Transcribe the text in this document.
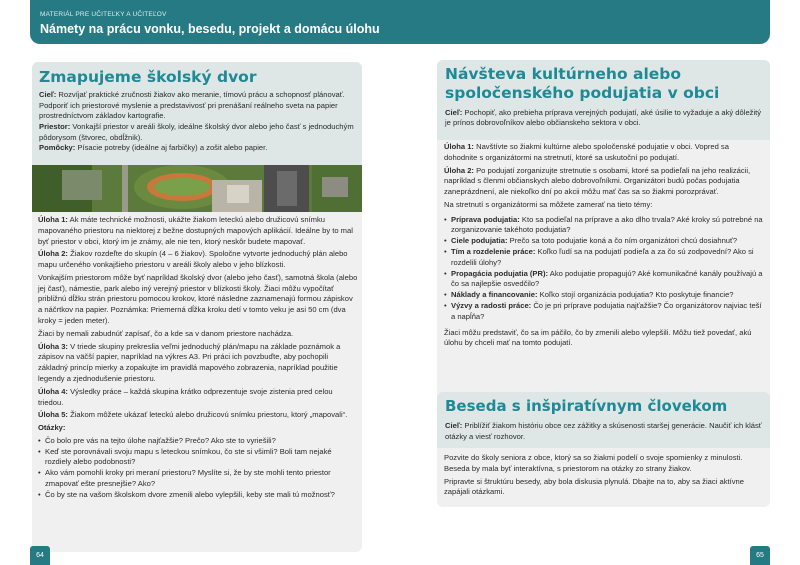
MATERIÁL PRE UČITEĽKY A UČITEĽOV
Námety na prácu vonku, besedu, projekt a domácu úlohu
Zmapujeme školský dvor
Cieľ: Rozvíjať praktické zručnosti žiakov ako meranie, tímovú prácu a schopnosť plánovať. Podporiť ich priestorové myslenie a predstavivosť pri prenášaní reálneho sveta na papier prostredníctvom základov kartografie.
Priestor: Vonkajší priestor v areáli školy, ideálne školský dvor alebo jeho časť s jednoduchým pôdorysom (štvorec, obdĺžnik).
Pomôcky: Písacie potreby (ideálne aj farbičky) a zošit alebo papier.

Úloha 1: Ak máte technické možnosti, ukážte žiakom leteckú alebo družicovú snímku mapovaného priestoru na niektorej z bežne dostupných mapových aplikácií. Ideálne by to mal byť priestor v obci, ktorý im je známy, ale nie ten, ktorý neskôr budete mapovať.

Úloha 2: Žiakov rozdeľte do skupín (4 – 6 žiakov). Spoločne vytvorte jednoduchý plán alebo mapu určeného vonkajšieho priestoru v areáli školy alebo v jeho blízkosti.

Vonkajším priestorom môže byť napríklad školský dvor (alebo jeho časť), samotná škola (alebo jej časť), námestie, park alebo iný verejný priestor v blízkosti školy. Žiaci môžu vypočítať približnú dĺžku strán priestoru pomocou krokov, ktoré následne zaznamenajú formou zápiskov a náčrtkov na papier. Poznámka: Priemerná dĺžka kroku detí v tomto veku je asi 50 cm (dva kroky = jeden meter).

Žiaci by nemali zabudnúť zapísať, čo a kde sa v danom priestore nachádza.

Úloha 3: V triede skupiny prekreslia veľmi jednoduchý plán/mapu na základe poznámok a zápisov na väčší papier, napríklad na výkres A3. Pri práci ich povzbuďte, aby pochopili základný princíp mierky a zopakujte im pravidlá mapového zobrazenia, napríklad použitie legendy a zjednodušenie priestoru.

Úloha 4: Výsledky práce – každá skupina krátko odprezentuje svoje zistenia pred celou triedou.

Úloha 5: Žiakom môžete ukázať leteckú alebo družicovú snímku priestoru, ktorý „mapovali“.

Otázky:

• Čo bolo pre vás na tejto úlohe najťažšie? Prečo? Ako ste to vyriešili?
• Keď ste porovnávali svoju mapu s leteckou snímkou, čo ste si všimli? Boli tam nejaké rozdiely alebo podobnosti?
• Ako vám pomohli kroky pri meraní priestoru? Myslíte si, že by ste mohli tento priestor zmapovať ešte presnejšie? Ako?
• Čo by ste na vašom školskom dvore zmenili alebo vylepšili, keby ste mali tú možnosť?
64
Návšteva kultúrneho alebo
spoločenského podujatia v obci
Cieľ: Pochopiť, ako prebieha príprava verejných podujatí, aké úsilie to vyžaduje a aký dôležitý je prínos dobrovoľníkov alebo občianskeho sektora v obci.

Úloha 1: Navštívte so žiakmi kultúrne alebo spoločenské podujatie v obci. Vopred sa dohodnite s organizátormi na stretnutí, ktoré sa uskutoční po podujatí.

Úloha 2: Po podujatí zorganizujte stretnutie s osobami, ktoré sa podieľali na jeho realizácii, napríklad s členmi občianskych alebo dobrovoľníkmi. Organizátori budú počas podujatia zaneprázdnení, ale niekoľko dní po akcii môžu mať čas sa so žiakmi porozprávať.

Na stretnutí s organizátormi sa môžete zamerať na tieto témy:

• Príprava podujatia: Kto sa podieľal na príprave a ako dlho trvala? Aké kroky sú potrebné na zorganizovanie takéhoto podujatia?
• Ciele podujatia: Prečo sa toto podujatie koná a čo ním organizátori chcú dosiahnuť?
• Tím a rozdelenie práce: Koľko ľudí sa na podujatí podieľa a za čo sú zodpovední? Ako si rozdelili úlohy?
• Propagácia podujatia (PR): Ako podujatie propagujú? Aké komunikačné kanály používajú a čo sa najlepšie osvedčilo?
• Náklady a financovanie: Koľko stojí organizácia podujatia? Kto poskytuje financie?
• Výzvy a radosti práce: Čo je pri príprave podujatia najťažšie? Čo organizátorov najviac teší a napĺňa?

Žiaci môžu predstaviť, čo sa im páčilo, čo by zmenili alebo vylepšili. Môžu tiež povedať, akú úlohu by chceli mať na tomto podujatí.

Beseda s inšpiratívnym človekom
Cieľ: Priblížiť žiakom históriu obce cez zážitky a skúsenosti staršej generácie. Naučiť ich klásť otázky a viesť rozhovor.

Pozvite do školy seniora z obce, ktorý sa so žiakmi podelí o svoje spomienky z minulosti. Beseda by mala byť interaktívna, s priestorom na otázky zo strany žiakov.

Pripravte si štruktúru besedy, aby bola diskusia plynulá. Dbajte na to, aby sa žiaci aktívne zapájali otázkami.

65
